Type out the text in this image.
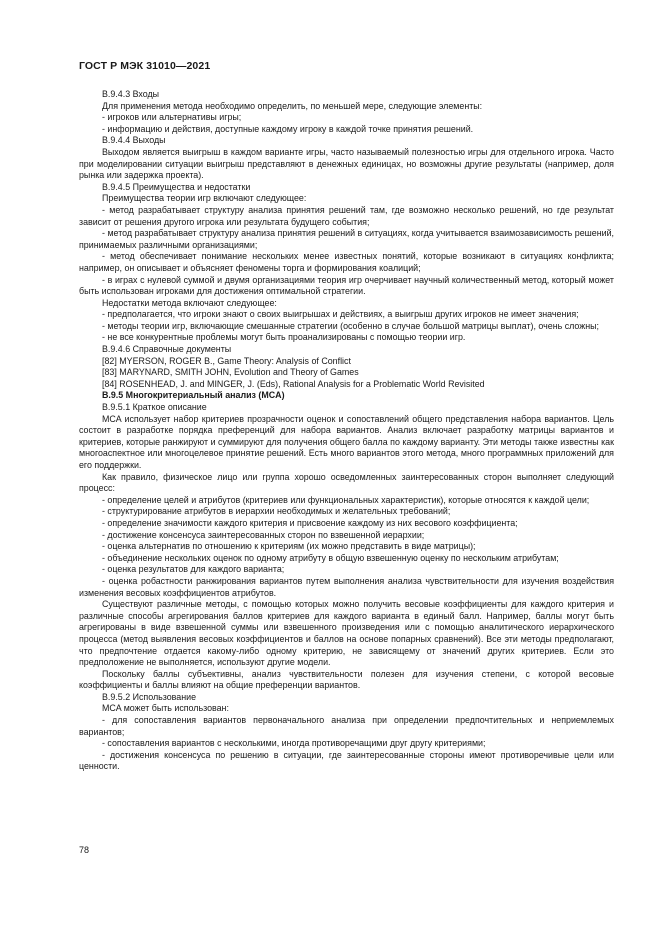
ГОСТ Р МЭК 31010—2021

B.9.4.3 Входы

Для применения метода необходимо определить, по меньшей мере, следующие элементы:

- игроков или альтернативы игры;

- информацию и действия, доступные каждому игроку в каждой точке принятия решений.

B.9.4.4 Выходы

Выходом является выигрыш в каждом варианте игры, часто называемый полезностью игры для отдельного игрока. Часто при моделировании ситуации выигрыш представляют в денежных единицах, но возможны другие результаты (например, доля рынка или задержка проекта).

B.9.4.5 Преимущества и недостатки

Преимущества теории игр включают следующее:

- метод разрабатывает структуру анализа принятия решений там, где возможно несколько решений, но где результат зависит от решения другого игрока или результата будущего события;

- метод разрабатывает структуру анализа принятия решений в ситуациях, когда учитывается взаимозависимость решений, принимаемых различными организациями;

- метод обеспечивает понимание нескольких менее известных понятий, которые возникают в ситуациях конфликта; например, он описывает и объясняет феномены торга и формирования коалиций;

- в играх с нулевой суммой и двумя организациями теория игр очерчивает научный количественный метод, который может быть использован игроками для достижения оптимальной стратегии.

Недостатки метода включают следующее:

- предполагается, что игроки знают о своих выигрышах и действиях, а выигрыш других игроков не имеет значения;

- методы теории игр, включающие смешанные стратегии (особенно в случае большой матрицы выплат), очень сложны;

- не все конкурентные проблемы могут быть проанализированы с помощью теории игр.

B.9.4.6 Справочные документы

[82] MYERSON, ROGER B., Game Theory: Analysis of Conflict

[83] MARYNARD, SMITH JOHN, Evolution and Theory of Games

[84] ROSENHEAD, J. and MINGER, J. (Eds), Rational Analysis for a Problematic World Revisited

B.9.5 Многокритериальный анализ (MCA)

B.9.5.1 Краткое описание

MCA использует набор критериев прозрачности оценок и сопоставлений общего представления набора вариантов. Цель состоит в разработке порядка преференций для набора вариантов. Анализ включает разработку матрицы вариантов и критериев, которые ранжируют и суммируют для получения общего балла по каждому варианту. Эти методы также известны как многоаспектное или многоцелевое принятие решений. Есть много вариантов этого метода, много программных приложений для его поддержки.

Как правило, физическое лицо или группа хорошо осведомленных заинтересованных сторон выполняет следующий процесс:

- определение целей и атрибутов (критериев или функциональных характеристик), которые относятся к каждой цели;

- структурирование атрибутов в иерархии необходимых и желательных требований;

- определение значимости каждого критерия и присвоение каждому из них весового коэффициента;

- достижение консенсуса заинтересованных сторон по взвешенной иерархии;

- оценка альтернатив по отношению к критериям (их можно представить в виде матрицы);

- объединение нескольких оценок по одному атрибуту в общую взвешенную оценку по нескольким атрибутам;

- оценка результатов для каждого варианта;

- оценка робастности ранжирования вариантов путем выполнения анализа чувствительности для изучения воздействия изменения весовых коэффициентов атрибутов.

Существуют различные методы, с помощью которых можно получить весовые коэффициенты для каждого критерия и различные способы агрегирования баллов критериев для каждого варианта в единый балл. Например, баллы могут быть агрегированы в виде взвешенной суммы или взвешенного произведения или с помощью аналитического иерархического процесса (метод выявления весовых коэффициентов и баллов на основе попарных сравнений). Все эти методы предполагают, что предпочтение отдается какому-либо одному критерию, не зависящему от значений других критериев. Если это предположение не выполняется, используют другие модели.

Поскольку баллы субъективны, анализ чувствительности полезен для изучения степени, с которой весовые коэффициенты и баллы влияют на общие преференции вариантов.

B.9.5.2 Использование

MCA может быть использован:

- для сопоставления вариантов первоначального анализа при определении предпочтительных и неприемлемых вариантов;

- сопоставления вариантов с несколькими, иногда противоречащими друг другу критериями;

- достижения консенсуса по решению в ситуации, где заинтересованные стороны имеют противоречивые цели или ценности.

78
